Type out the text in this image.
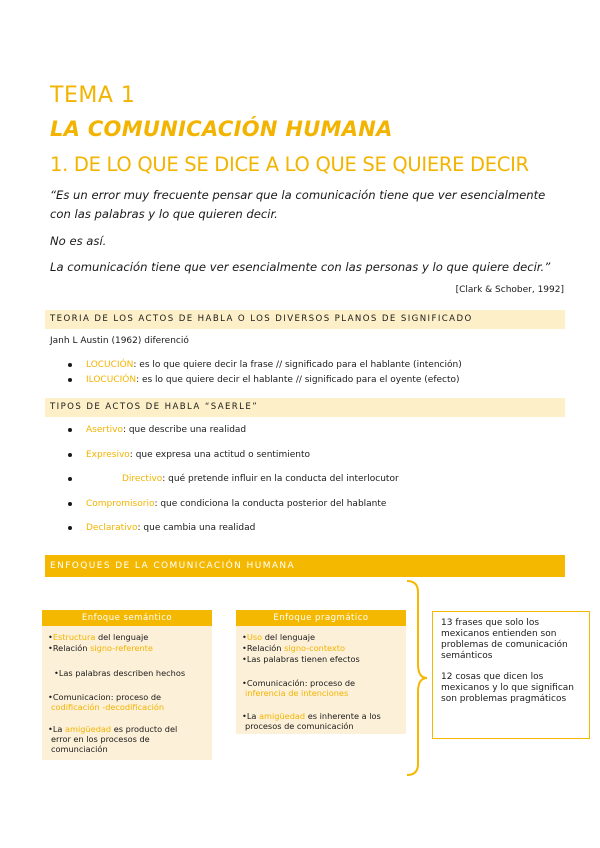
TEMA 1
LA COMUNICACIÓN HUMANA
1. DE LO QUE SE DICE A LO QUE SE QUIERE DECIR
“Es un error muy frecuente pensar que la comunicación tiene que ver esencialmente
con las palabras y lo que quieren decir.
No es así.
La comunicación tiene que ver esencialmente con las personas y lo que quiere decir.”
[Clark & Schober, 1992]
TEORIA DE LOS ACTOS DE HABLA O LOS DIVERSOS PLANOS DE SIGNIFICADO
Janh L Austin (1962) diferenció
LOCUCIÓN: es lo que quiere decir la frase // significado para el hablante (intención)
ILOCUCIÓN: es lo que quiere decir el hablante // significado para el oyente (efecto)
TIPOS DE ACTOS DE HABLA “SAERLE”
Asertivo: que describe una realidad
Expresivo: que expresa una actitud o sentimiento
Directivo: qué pretende influir en la conducta del interlocutor
Compromisorio: que condiciona la conducta posterior del hablante
Declarativo: que cambia una realidad
ENFOQUES DE LA COMUNICACIÓN HUMANA
Enfoque semántico
•Estructura del lenguaje
•Relación signo-referente
•Las palabras describen hechos
•Comunicacion: proceso de
codificación -decodificación
•La amigüedad es producto del
error en los procesos de
comunciación
Enfoque pragmático
•Uso del lenguaje
•Relación signo-contexto
•Las palabras tienen efectos
•Comunicación: proceso de
inferencia de intenciones
•La amigüedad es inherente a los
procesos de comunicación
13 frases que solo los mexicanos entienden son problemas de comunicación semánticos
12 cosas que dicen los mexicanos y lo que significan son problemas pragmáticos
